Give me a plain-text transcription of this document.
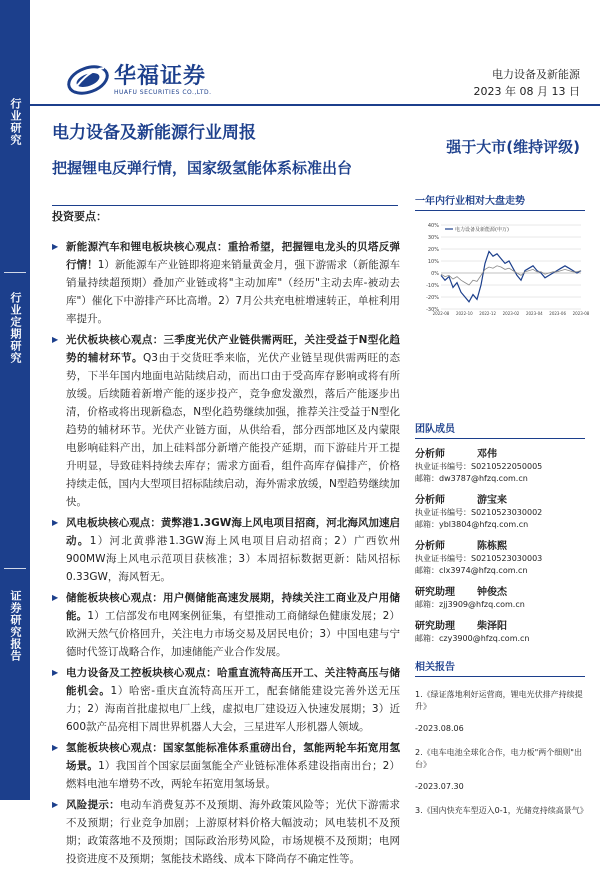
行业研究
行业定期研究
证券研究报告
华福证券
HUAFU SECURITIES CO.,LTD.
电力设备及新能源
2023 年 08 月 13 日
电力设备及新能源行业周报
强于大市(维持评级)
把握锂电反弹行情，国家级氢能体系标准出台
投资要点：
▶ 新能源汽车和锂电板块核心观点：重拾希望，把握锂电龙头的贝塔反弹行情！1）新能源车产业链即将迎来销量黄金月，强下游需求（新能源车销量持续超预期）叠加产业链或将"主动加库"（经历"主动去库-被动去库"）催化下中游排产环比高增。2）7月公共充电桩增速转正，单桩利用率提升。
▶ 光伏板块核心观点：三季度光伏产业链供需两旺，关注受益于N型化趋势的辅材环节。Q3由于交货旺季来临，光伏产业链呈现供需两旺的态势，下半年国内地面电站陆续启动，而出口由于受高库存影响或将有所放缓。后续随着新增产能的逐步投产，竞争愈发激烈，落后产能逐步出清，价格或将出现新稳态，N型化趋势继续加强，推荐关注受益于N型化趋势的辅材环节。光伏产业链方面，从供给看，部分西部地区及内蒙限电影响硅料产出，加上硅料部分新增产能投产延期，而下游硅片开工提升明显，导致硅料持续去库存；需求方面看，组件高库存偏排产，价格持续走低，国内大型项目招标陆续启动，海外需求放缓，N型趋势继续加快。
▶ 风电板块核心观点：黄弊港1.3GW海上风电项目招商，河北海风加速启动。1）河北黄骅港1.3GW海上风电项目启动招商；2）广西钦州900MW海上风电示范项目获核准；3）本周招标数据更新：陆风招标0.33GW，海风暂无。
▶ 储能板块核心观点：用户侧储能高速发展期，持续关注工商业及户用储能。1）工信部发布电网案例征集，有望推动工商储绿色健康发展；2）欧洲天然气价格回升，关注电力市场交易及居民电价；3）中国电建与宁德时代签订战略合作，加速储能产业合作发展。
▶ 电力设备及工控板块核心观点：哈重直流特高压开工、关注特高压与储能机会。1）哈密-重庆直流特高压开工，配套储能建设完善外送无压力；2）海南首批虚拟电厂上线，虚拟电厂建设迈入快速发展期；3）近600款产品亮相下周世界机器人大会，三星进军人形机器人领域。
▶ 氢能板块核心观点：国家氢能标准体系重磅出台，氢能两轮车拓宽用氢场景。1）我国首个国家层面氢能全产业链标准体系建设指南出台；2）燃料电池车增势不改，两轮车拓宽用氢场景。
▶ 风险提示：电动车消费复苏不及预期、海外政策风险等；光伏下游需求不及预期；行业竞争加剧；上游原材料价格大幅波动；风电装机不及预期；政策落地不及预期；国际政治形势风险，市场规模不及预期；电网投资进度不及预期；氢能技术路线、成本下降尚存不确定性等。
一年内行业相对大盘走势
40%
30%
20%
10%
0%
-10%
-20%
-30%
2022-08 2022-10 2022-12 2023-02 2023-04 2023-06 2023-08
电力设备及新能源(申万)
团队成员
分析师	邓伟
执业证书编号：S0210522050005
邮箱：dw3787@hfzq.com.cn
分析师	游宝来
执业证书编号：S0210523030002
邮箱：ybl3804@hfzq.com.cn
分析师	陈栋熙
执业证书编号：S0210523030003
邮箱：clx3974@hfzq.com.cn
研究助理 钟俊杰
邮箱：zjj3909@hfzq.com.cn
研究助理 柴泽阳
邮箱：czy3900@hfzq.com.cn
相关报告
1.《绿证落地利好运营商，锂电光伏排产持续提升》
-2023.08.06
2.《电车电池全球化合作，电力板"两个细则"出台》
-2023.07.30
3.《国内快充车型迈入0-1，光储竞持续高景气》
